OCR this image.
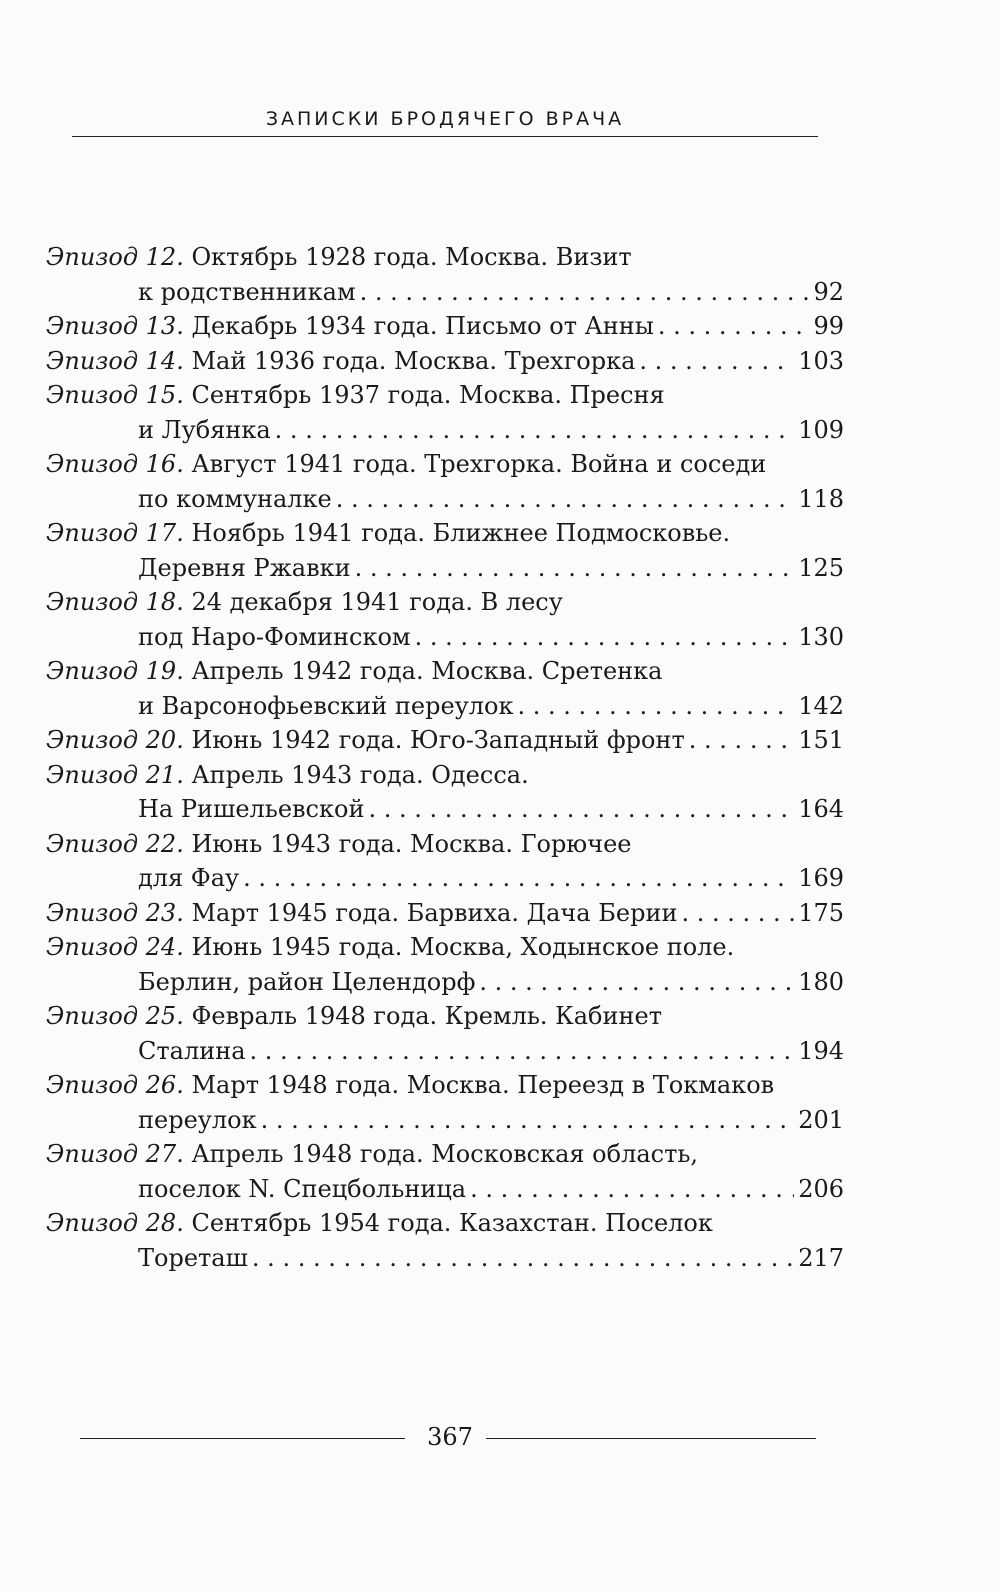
ЗАПИСКИ БРОДЯЧЕГО ВРАЧА
Эпизод 12. Октябрь 1928 года. Москва. Визит
к родственникам . . .	92
Эпизод 13. Декабрь 1934 года. Письмо от Анны . . .	99
Эпизод 14. Май 1936 года. Москва. Трехгорка . . .	103
Эпизод 15. Сентябрь 1937 года. Москва. Пресня
и Лубянка . . .	109
Эпизод 16. Август 1941 года. Трехгорка. Война и соседи
по коммуналке . . .	118
Эпизод 17. Ноябрь 1941 года. Ближнее Подмосковье.
Деревня Ржавки . . .	125
Эпизод 18. 24 декабря 1941 года. В лесу
под Наро-Фоминском . . .	130
Эпизод 19. Апрель 1942 года. Москва. Сретенка
и Варсонофьевский переулок . . .	142
Эпизод 20. Июнь 1942 года. Юго-Западный фронт . . .	151
Эпизод 21. Апрель 1943 года. Одесса.
На Ришельевской . . .	164
Эпизод 22. Июнь 1943 года. Москва. Горючее
для Фау . . .	169
Эпизод 23. Март 1945 года. Барвиха. Дача Берии . . .	175
Эпизод 24. Июнь 1945 года. Москва, Ходынское поле.
Берлин, район Целендорф . . .	180
Эпизод 25. Февраль 1948 года. Кремль. Кабинет
Сталина . . .	194
Эпизод 26. Март 1948 года. Москва. Переезд в Токмаков
переулок . . .	201
Эпизод 27. Апрель 1948 года. Московская область,
поселок N. Спецбольница . . .	206
Эпизод 28. Сентябрь 1954 года. Казахстан. Поселок
Тореташ . . .	217
367
